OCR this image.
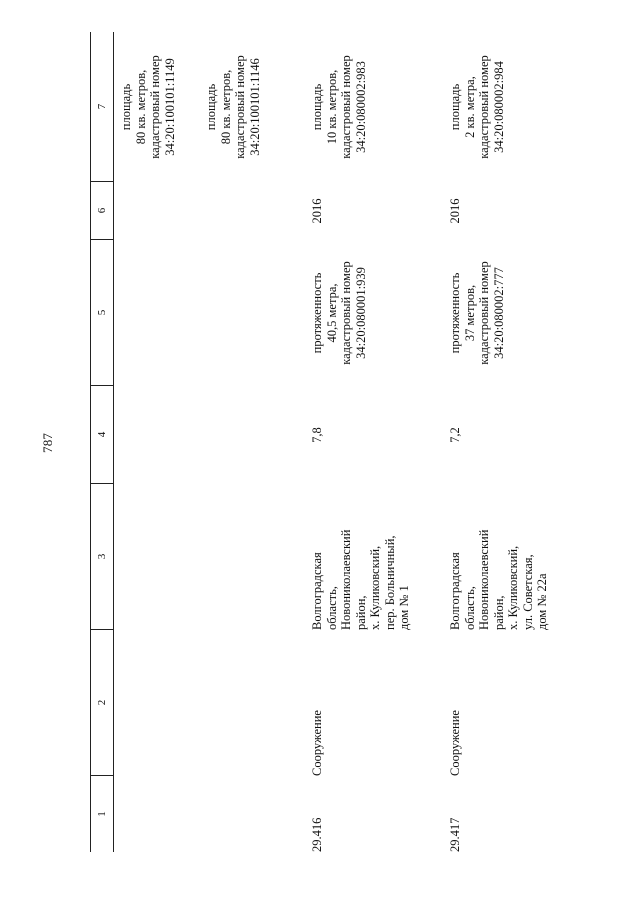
787
1
2
3
4
5
6
7 площадь
80 кв. метров,
кадастровый номер
34:20:100101:1149 площадь
80 кв. метров,
кадастровый номер
34:20:100101:1146
29.416
Сооружение
Волгоградская
область,
Новониколаевский
район,
х. Куликовский,
пер. Больничный,
дом № 1
7,8
протяженность
40,5 метра,
кадастровый номер
34:20:080001:939
2016
площадь
10 кв. метров,
кадастровый номер
34:20:080002:983
29.417
Сооружение
Волгоградская
область,
Новониколаевский
район,
х. Куликовский,
ул. Советская,
дом № 22а
7,2
протяженность
37 метров,
кадастровый номер
34:20:080002:777
2016
площадь
2 кв. метра,
кадастровый номер
34:20:080002:984
